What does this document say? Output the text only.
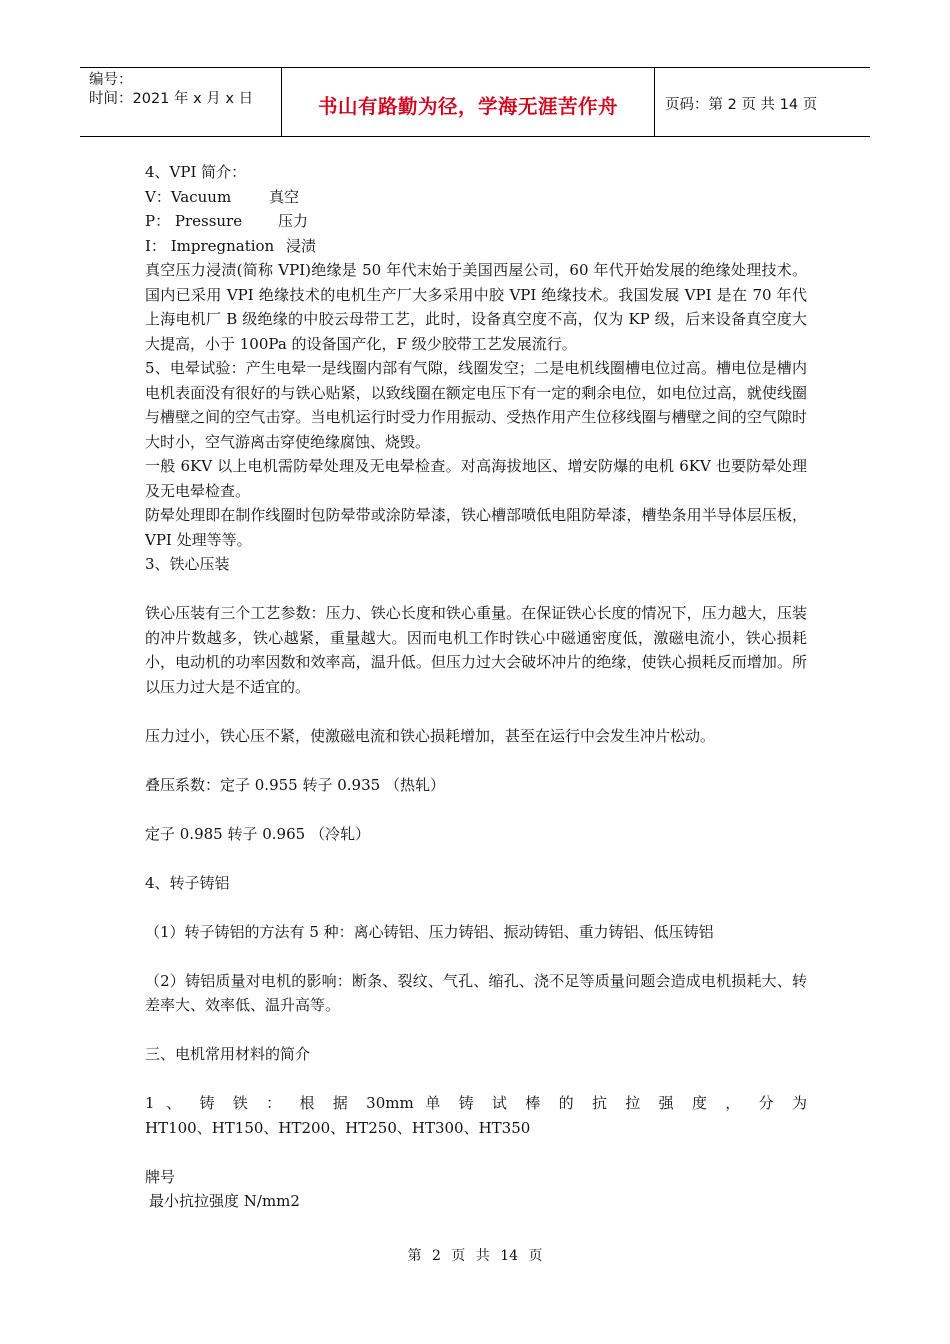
编号：
时间：2021 年 x 月 x 日	书山有路勤为径，学海无涯苦作舟	页码：第 2 页 共 14 页

4、VPI 简介：

V：Vacuum	真空

P： Pressure	压力

I： Impregnation 浸渍

真空压力浸渍(简称 VPI)绝缘是 50 年代末始于美国西屋公司，60 年代开始发展的绝缘处理技术。国内已采用 VPI 绝缘技术的电机生产厂大多采用中胶 VPI 绝缘技术。我国发展 VPI 是在 70 年代上海电机厂 B 级绝缘的中胶云母带工艺，此时，设备真空度不高，仅为 KP 级，后来设备真空度大大提高，小于 100Pa 的设备国产化，F 级少胶带工艺发展流行。

5、电晕试验：产生电晕一是线圈内部有气隙，线圈发空；二是电机线圈槽电位过高。槽电位是槽内电机表面没有很好的与铁心贴紧，以致线圈在额定电压下有一定的剩余电位，如电位过高，就使线圈与槽壁之间的空气击穿。当电机运行时受力作用振动、受热作用产生位移线圈与槽壁之间的空气隙时大时小，空气游离击穿使绝缘腐蚀、烧毁。

一般 6KV 以上电机需防晕处理及无电晕检查。对高海拔地区、增安防爆的电机 6KV 也要防晕处理及无电晕检查。

防晕处理即在制作线圈时包防晕带或涂防晕漆，铁心槽部喷低电阻防晕漆，槽垫条用半导体层压板，VPI 处理等等。

3、铁心压装

铁心压装有三个工艺参数：压力、铁心长度和铁心重量。在保证铁心长度的情况下，压力越大，压装的冲片数越多，铁心越紧，重量越大。因而电机工作时铁心中磁通密度低，激磁电流小，铁心损耗小，电动机的功率因数和效率高，温升低。但压力过大会破坏冲片的绝缘，使铁心损耗反而增加。所以压力过大是不适宜的。

压力过小，铁心压不紧，使激磁电流和铁心损耗增加，甚至在运行中会发生冲片松动。

叠压系数：定子 0.955 转子 0.935 （热轧）

定子 0.985 转子 0.965 （冷轧）

4、转子铸铝

（1）转子铸铝的方法有 5 种：离心铸铝、压力铸铝、振动铸铝、重力铸铝、低压铸铝

（2）铸铝质量对电机的影响：断条、裂纹、气孔、缩孔、浇不足等质量问题会造成电机损耗大、转差率大、效率低、温升高等。

三、电机常用材料的简介

1 、 铸 铁 ： 根 据 30mm 单 铸 试 棒 的 抗 拉 强 度 ， 分 为

HT100、HT150、HT200、HT250、HT300、HT350

牌号

最小抗拉强度 N/mm2

第 2 页 共 14 页
